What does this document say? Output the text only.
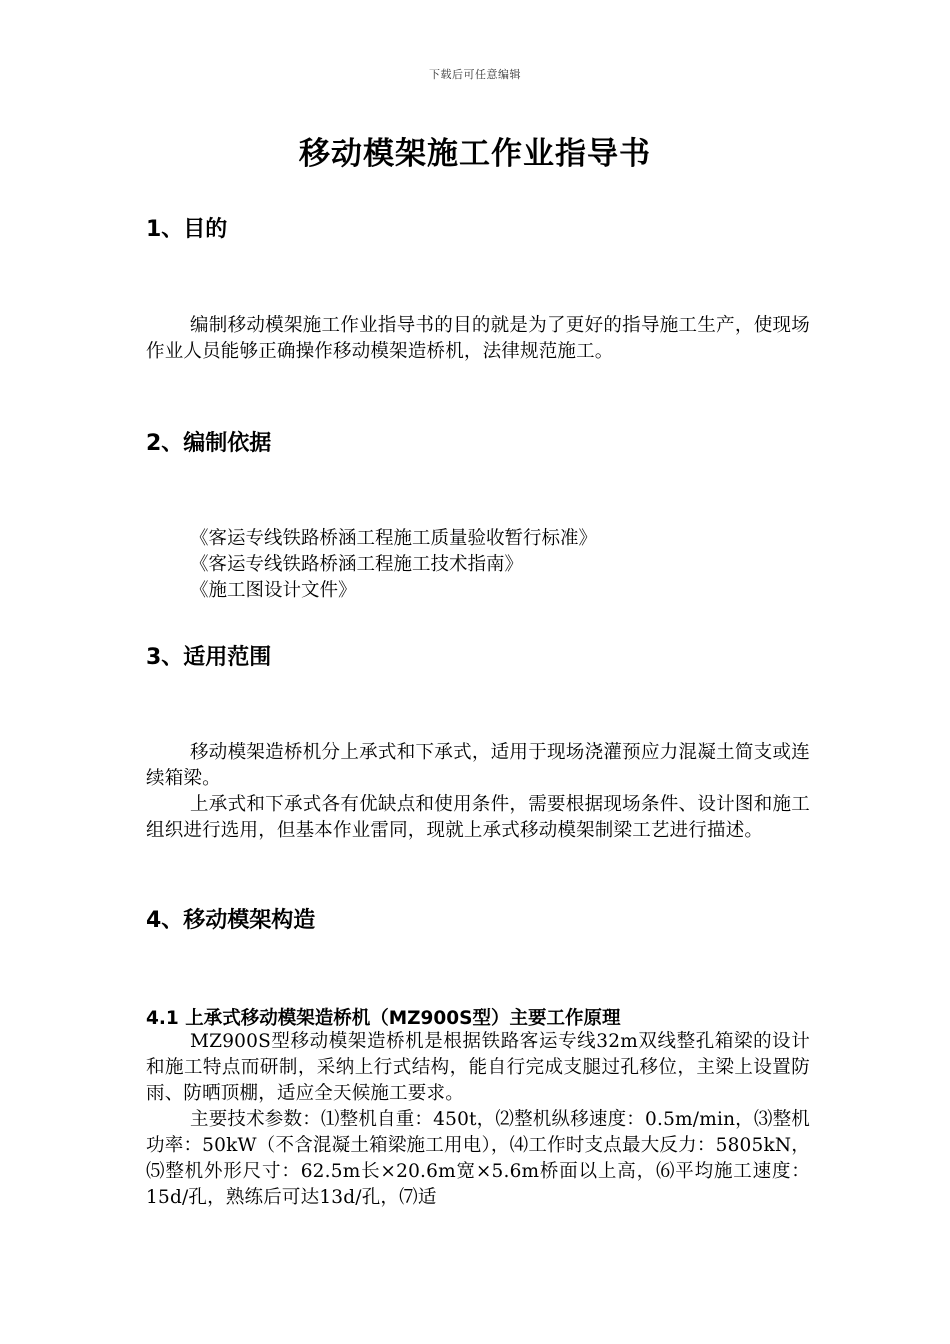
下载后可任意编辑
移动模架施工作业指导书
1、目的

编制移动模架施工作业指导书的目的就是为了更好的指导施工生产，使现场作业人员能够正确操作移动模架造桥机，法律规范施工。

2、编制依据
《客运专线铁路桥涵工程施工质量验收暂行标准》
《客运专线铁路桥涵工程施工技术指南》
《施工图设计文件》
3、适用范围

移动模架造桥机分上承式和下承式，适用于现场浇灌预应力混凝土简支或连续箱梁。

上承式和下承式各有优缺点和使用条件，需要根据现场条件、设计图和施工组织进行选用，但基本作业雷同，现就上承式移动模架制梁工艺进行描述。

4、移动模架构造
4.1 上承式移动模架造桥机（MZ900S型）主要工作原理

MZ900S型移动模架造桥机是根据铁路客运专线32m双线整孔箱梁的设计和施工特点而研制，采纳上行式结构，能自行完成支腿过孔移位，主梁上设置防雨、防晒顶棚，适应全天候施工要求。

主要技术参数：⑴整机自重：450t，⑵整机纵移速度：0.5m/min，⑶整机功率：50kW（不含混凝土箱梁施工用电），⑷工作时支点最大反力：5805kN，⑸整机外形尺寸：62.5m长×20.6m宽×5.6m桥面以上高，⑹平均施工速度：15d/孔，熟练后可达13d/孔，⑺适
